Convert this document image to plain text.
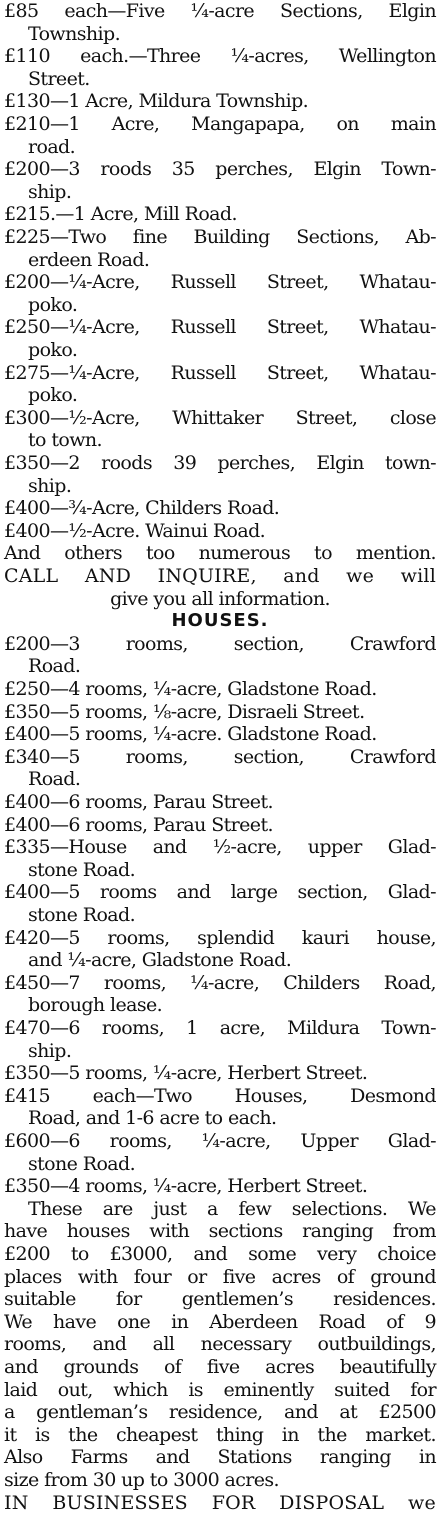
£85 each—Five ¼-acre Sections, Elgin
Township.
£110 each.—Three ¼-acres, Wellington
Street.
£130—1 Acre, Mildura Township.
£210—1 Acre, Mangapapa, on main
road.
£200—3 roods 35 perches, Elgin Town-
ship.
£215.—1 Acre, Mill Road.
£225—Two fine Building Sections, Ab-
erdeen Road.
£200—¼-Acre, Russell Street, Whatau-
poko.
£250—¼-Acre, Russell Street, Whatau-
poko.
£275—¼-Acre, Russell Street, Whatau-
poko.
£300—½-Acre, Whittaker Street, close
to town.
£350—2 roods 39 perches, Elgin town-
ship.
£400—¾-Acre, Childers Road.
£400—½-Acre. Wainui Road.
And others too numerous to mention.
CALL AND INQUIRE, and we will
give you all information.
HOUSES.
£200—3 rooms, section, Crawford
Road.
£250—4 rooms, ¼-acre, Gladstone Road.
£350—5 rooms, ⅛-acre, Disraeli Street.
£400—5 rooms, ¼-acre. Gladstone Road.
£340—5 rooms, section, Crawford
Road.
£400—6 rooms, Parau Street.
£400—6 rooms, Parau Street.
£335—House and ½-acre, upper Glad-
stone Road.
£400—5 rooms and large section, Glad-
stone Road.
£420—5 rooms, splendid kauri house,
and ¼-acre, Gladstone Road.
£450—7 rooms, ¼-acre, Childers Road,
borough lease.
£470—6 rooms, 1 acre, Mildura Town-
ship.
£350—5 rooms, ¼-acre, Herbert Street.
£415 each—Two Houses, Desmond
Road, and 1-6 acre to each.
£600—6 rooms, ¼-acre, Upper Glad-
stone Road.
£350—4 rooms, ¼-acre, Herbert Street.
These are just a few selections. We
have houses with sections ranging from
£200 to £3000, and some very choice
places with four or five acres of ground
suitable for gentlemen’s residences.
We have one in Aberdeen Road of 9
rooms, and all necessary outbuildings,
and grounds of five acres beautifully
laid out, which is eminently suited for
a gentleman’s residence, and at £2500
it is the cheapest thing in the market.
Also Farms and Stations ranging in
size from 30 up to 3000 acres.
IN BUSINESSES FOR DISPOSAL we
